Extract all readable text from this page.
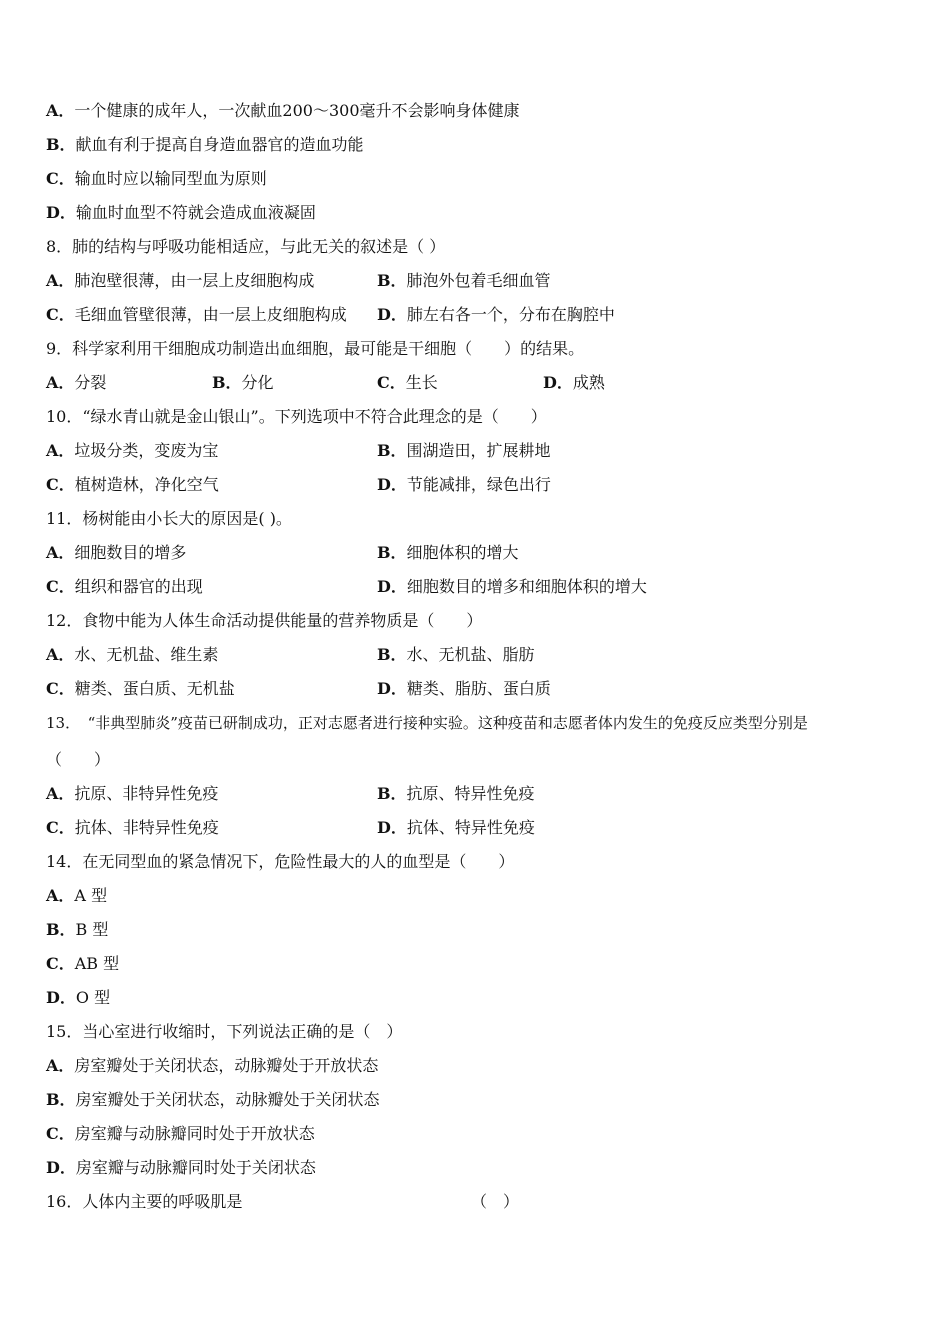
A．一个健康的成年人，一次献血200～300毫升不会影响身体健康
B．献血有利于提高自身造血器官的造血功能
C．输血时应以输同型血为原则
D．输血时血型不符就会造成血液凝固
8．肺的结构与呼吸功能相适应，与此无关的叙述是（ ）
A．肺泡壁很薄，由一层上皮细胞构成	B．肺泡外包着毛细血管
C．毛细血管壁很薄，由一层上皮细胞构成 D．肺左右各一个，分布在胸腔中
9．科学家利用干细胞成功制造出血细胞，最可能是干细胞（　　）的结果。
A．分裂	B．分化	C．生长	D．成熟
10．“绿水青山就是金山银山”。下列选项中不符合此理念的是（　　）
A．垃圾分类，变废为宝	B．围湖造田，扩展耕地
C．植树造林，净化空气	D．节能减排，绿色出行
11．杨树能由小长大的原因是( )。
A．细胞数目的增多	B．细胞体积的增大
C．组织和器官的出现	D．细胞数目的增多和细胞体积的增大
12．食物中能为人体生命活动提供能量的营养物质是（　　）
A．水、无机盐、维生素	B．水、无机盐、脂肪
C．糖类、蛋白质、无机盐	D．糖类、脂肪、蛋白质
13．　“非典型肺炎”疫苗已研制成功，正对志愿者进行接种实验。这种疫苗和志愿者体内发生的免疫反应类型分别是
（　　）
A．抗原、非特异性免疫	B．抗原、特异性免疫
C．抗体、非特异性免疫	D．抗体、特异性免疫
14．在无同型血的紧急情况下，危险性最大的人的血型是（　　）
A．A 型
B．B 型
C．AB 型
D．O 型
15．当心室进行收缩时，下列说法正确的是（　）
A．房室瓣处于关闭状态，动脉瓣处于开放状态
B．房室瓣处于关闭状态，动脉瓣处于关闭状态
C．房室瓣与动脉瓣同时处于开放状态
D．房室瓣与动脉瓣同时处于关闭状态
16．人体内主要的呼吸肌是	（　）
